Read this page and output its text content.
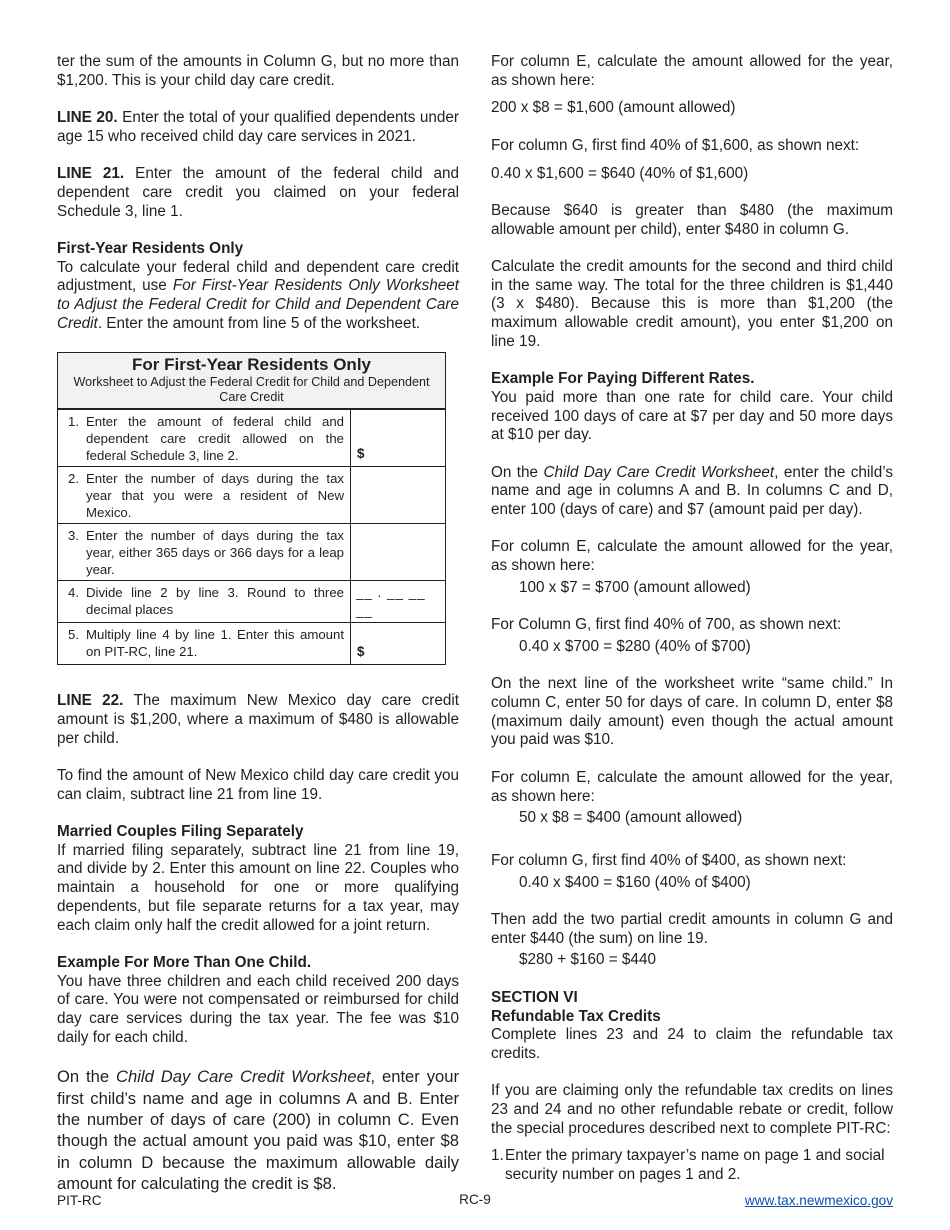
ter the sum of the amounts in Column G, but no more than $1,200. This is your child day care credit.

LINE 20. Enter the total of your qualified dependents under age 15 who received child day care services in 2021.

LINE 21. Enter the amount of the federal child and dependent care credit you claimed on your federal Schedule 3, line 1.

First-Year Residents Only

To calculate your federal child and dependent care credit adjustment, use For First-Year Residents Only Worksheet to Adjust the Federal Credit for Child and Dependent Care Credit. Enter the amount from line 5 of the worksheet.

For First-Year Residents Only
Worksheet to Adjust the Federal Credit for Child and Dependent Care Credit
1. Enter the amount of federal child and dependent care credit allowed on the federal Schedule 3, line 2.	$
2. Enter the number of days during the tax year that you were a resident of New Mexico.
3. Enter the number of days during the tax year, either 365 days or 366 days for a leap year.
4. Divide line 2 by line 3. Round to three decimal places
__ . __ __ __
5. Multiply line 4 by line 1. Enter this amount on PIT-RC, line 21.	$

LINE 22. The maximum New Mexico day care credit amount is $1,200, where a maximum of $480 is allowable per child.

To find the amount of New Mexico child day care credit you can claim, subtract line 21 from line 19.

Married Couples Filing Separately

If married filing separately, subtract line 21 from line 19, and divide by 2. Enter this amount on line 22. Couples who maintain a household for one or more qualifying dependents, but file separate returns for a tax year, may each claim only half the credit allowed for a joint return.

Example For More Than One Child.

You have three children and each child received 200 days of care. You were not compensated or reimbursed for child day care services during the tax year. The fee was $10 daily for each child.

On the Child Day Care Credit Worksheet, enter your first child’s name and age in columns A and B. Enter the number of days of care (200) in column C. Even though the actual amount you paid was $10, enter $8 in column D because the maximum allowable daily amount for calculating the credit is $8.

For column E, calculate the amount allowed for the year, as shown here:

200 x $8 = $1,600 (amount allowed)

For column G, first find 40% of $1,600, as shown next:

0.40 x $1,600 = $640 (40% of $1,600)

Because $640 is greater than $480 (the maximum allowable amount per child), enter $480 in column G.

Calculate the credit amounts for the second and third child in the same way. The total for the three children is $1,440 (3 x $480). Because this is more than $1,200 (the maximum allowable credit amount), you enter $1,200 on line 19.

Example For Paying Different Rates.

You paid more than one rate for child care. Your child received 100 days of care at $7 per day and 50 more days at $10 per day.

On the Child Day Care Credit Worksheet, enter the child’s name and age in columns A and B. In columns C and D, enter 100 (days of care) and $7 (amount paid per day).

For column E, calculate the amount allowed for the year, as shown here:

100 x $7 = $700 (amount allowed)

For Column G, first find 40% of 700, as shown next:

0.40 x $700 = $280 (40% of $700)

On the next line of the worksheet write “same child.” In column C, enter 50 for days of care. In column D, enter $8 (maximum daily amount) even though the actual amount you paid was $10.

For column E, calculate the amount allowed for the year, as shown here:

50 x $8 = $400 (amount allowed)

For column G, first find 40% of $400, as shown next:

0.40 x $400 = $160 (40% of $400)

Then add the two partial credit amounts in column G and enter $440 (the sum) on line 19.

$280 + $160 = $440

SECTION VI
Refundable Tax Credits

Complete lines 23 and 24 to claim the refundable tax credits.

If you are claiming only the refundable tax credits on lines 23 and 24 and no other refundable rebate or credit, follow the special procedures described next to complete PIT-RC:

1. Enter the primary taxpayer’s name on page 1 and social security number on pages 1 and 2.
PIT-RC	RC-9	www.tax.newmexico.gov
